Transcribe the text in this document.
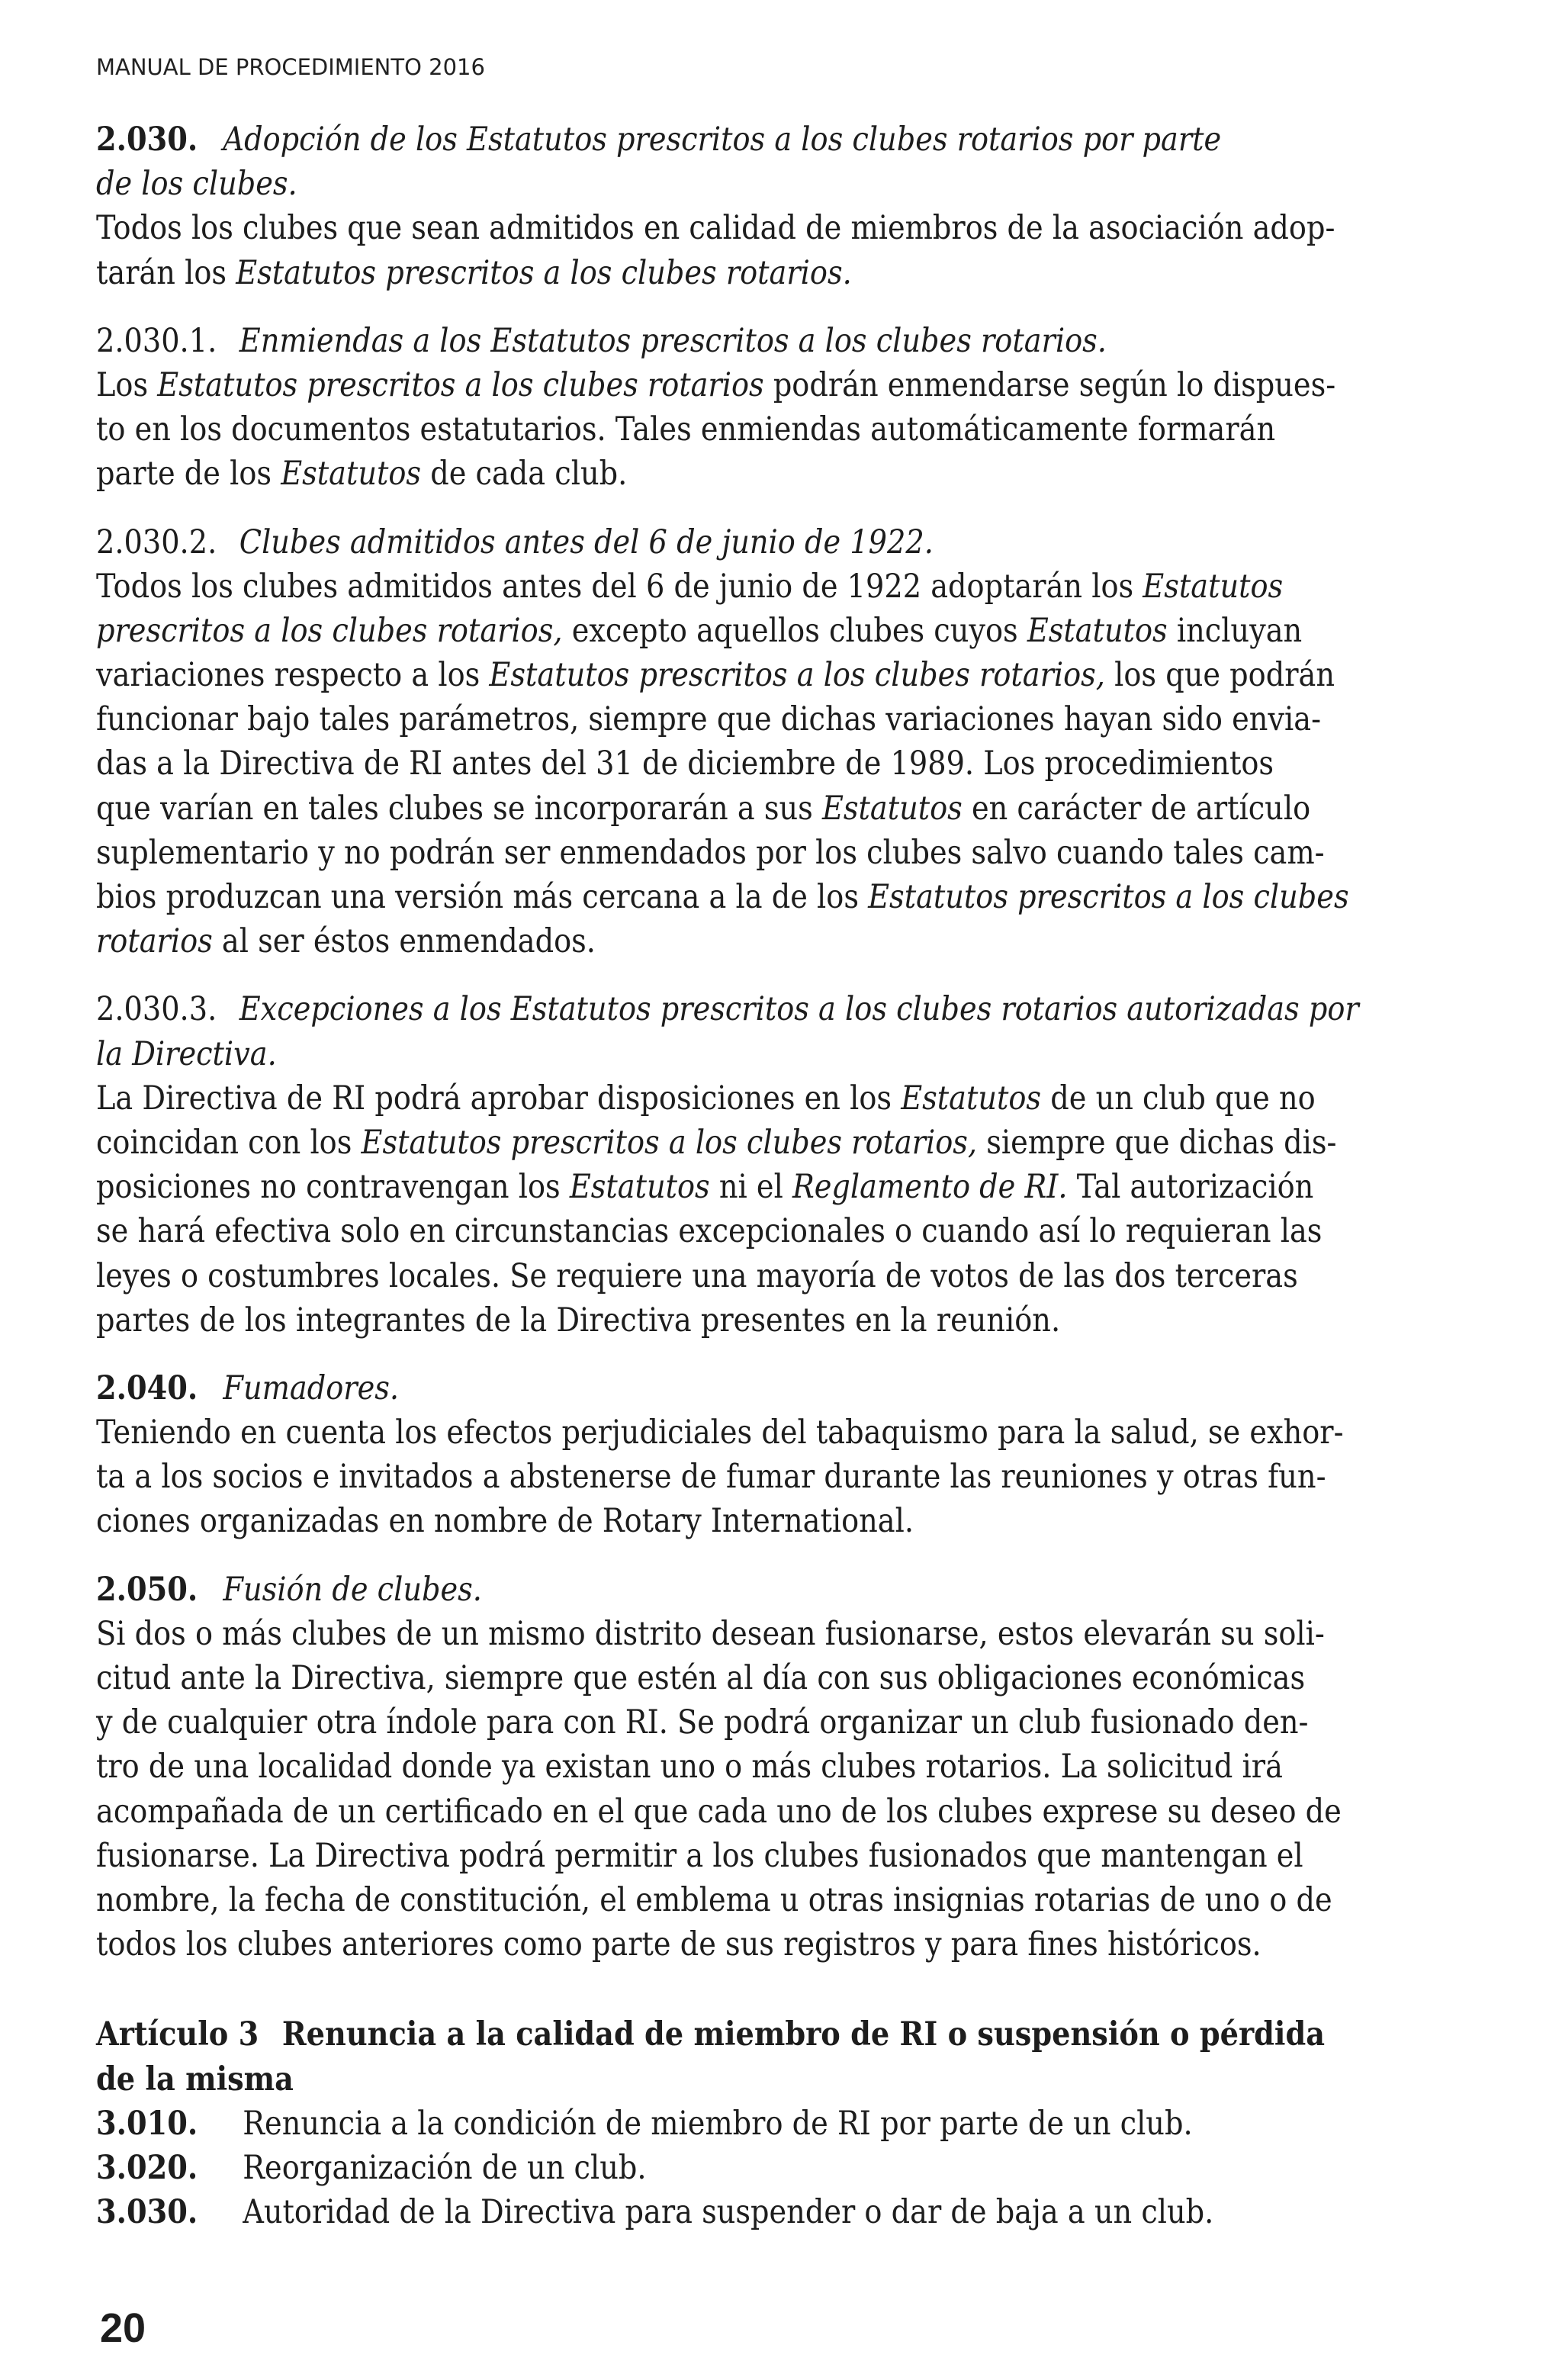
MANUAL DE PROCEDIMIENTO 2016
2.030. Adopción de los Estatutos prescritos a los clubes rotarios por parte
de los clubes.
Todos los clubes que sean admitidos en calidad de miembros de la asociación adop-
tarán los Estatutos prescritos a los clubes rotarios.
2.030.1. Enmiendas a los Estatutos prescritos a los clubes rotarios.
Los Estatutos prescritos a los clubes rotarios podrán enmendarse según lo dispues-
to en los documentos estatutarios. Tales enmiendas automáticamente formarán
parte de los Estatutos de cada club.
2.030.2. Clubes admitidos antes del 6 de junio de 1922.
Todos los clubes admitidos antes del 6 de junio de 1922 adoptarán los Estatutos
prescritos a los clubes rotarios, excepto aquellos clubes cuyos Estatutos incluyan
variaciones respecto a los Estatutos prescritos a los clubes rotarios, los que podrán
funcionar bajo tales parámetros, siempre que dichas variaciones hayan sido envia-
das a la Directiva de RI antes del 31 de diciembre de 1989. Los procedimientos
que varían en tales clubes se incorporarán a sus Estatutos en carácter de artículo
suplementario y no podrán ser enmendados por los clubes salvo cuando tales cam-
bios produzcan una versión más cercana a la de los Estatutos prescritos a los clubes
rotarios al ser éstos enmendados.
2.030.3. Excepciones a los Estatutos prescritos a los clubes rotarios autorizadas por
la Directiva.
La Directiva de RI podrá aprobar disposiciones en los Estatutos de un club que no
coincidan con los Estatutos prescritos a los clubes rotarios, siempre que dichas dis-
posiciones no contravengan los Estatutos ni el Reglamento de RI. Tal autorización
se hará efectiva solo en circunstancias excepcionales o cuando así lo requieran las
leyes o costumbres locales. Se requiere una mayoría de votos de las dos terceras
partes de los integrantes de la Directiva presentes en la reunión.
2.040. Fumadores.
Teniendo en cuenta los efectos perjudiciales del tabaquismo para la salud, se exhor-
ta a los socios e invitados a abstenerse de fumar durante las reuniones y otras fun-
ciones organizadas en nombre de Rotary International.
2.050. Fusión de clubes.
Si dos o más clubes de un mismo distrito desean fusionarse, estos elevarán su soli-
citud ante la Directiva, siempre que estén al día con sus obligaciones económicas
y de cualquier otra índole para con RI. Se podrá organizar un club fusionado den-
tro de una localidad donde ya existan uno o más clubes rotarios. La solicitud irá
acompañada de un certificado en el que cada uno de los clubes exprese su deseo de
fusionarse. La Directiva podrá permitir a los clubes fusionados que mantengan el
nombre, la fecha de constitución, el emblema u otras insignias rotarias de uno o de
todos los clubes anteriores como parte de sus registros y para fines históricos.
Artículo 3 Renuncia a la calidad de miembro de RI o suspensión o pérdida
de la misma
3.010. Renuncia a la condición de miembro de RI por parte de un club.
3.020. Reorganización de un club.
3.030. Autoridad de la Directiva para suspender o dar de baja a un club.
20
